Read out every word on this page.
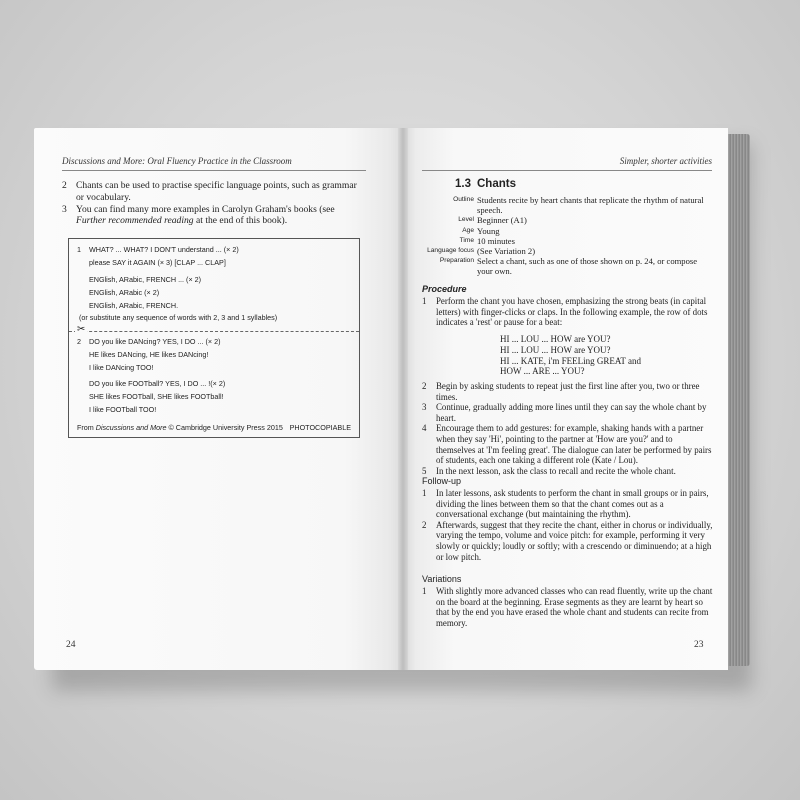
Discussions and More: Oral Fluency Practice in the Classroom
2 Chants can be used to practise specific language points, such as grammar or vocabulary.
3 You can find many more examples in Carolyn Graham's books (see Further recommended reading at the end of this book).
1 WHAT? ... WHAT? I DON'T understand ... (× 2)
please SAY it AGAIN (× 3) [CLAP ... CLAP]
ENGlish, ARabic, FRENCH ... (× 2)
ENGlish, ARabic (× 2)
ENGlish, ARabic, FRENCH.
(or substitute any sequence of words with 2, 3 and 1 syllables)
✂
2 DO you like DANcing? YES, I DO ... (× 2)
HE likes DANcing, HE likes DANcing!
I like DANcing TOO!
DO you like FOOTball? YES, I DO ... !(× 2)
SHE likes FOOTball, SHE likes FOOTball!
I like FOOTball TOO!
From Discussions and More © Cambridge University Press 2015 PHOTOCOPIABLE
24
Simpler, shorter activities
1.3 Chants
Outline Students recite by heart chants that replicate the rhythm of natural speech.
Level Beginner (A1)
Age Young
Time 10 minutes
Language focus (See Variation 2)
Preparation Select a chant, such as one of those shown on p. 24, or compose your own.
Procedure
1	Perform the chant you have chosen, emphasizing the strong beats (in capital letters) with finger-clicks or claps. In the following example, the row of dots indicates a 'rest' or pause for a beat:
HI ... LOU ... HOW are YOU?
HI ... LOU ... HOW are YOU?
HI ... KATE, i'm FEELing GREAT and
HOW ... ARE ... YOU?
2	Begin by asking students to repeat just the first line after you, two or three times.
3	Continue, gradually adding more lines until they can say the whole chant by heart.
4	Encourage them to add gestures: for example, shaking hands with a partner when they say 'Hi', pointing to the partner at 'How are you?' and to themselves at 'I'm feeling great'. The dialogue can later be performed by pairs of students, each one taking a different role (Kate / Lou).
5	In the next lesson, ask the class to recall and recite the whole chant.
Follow-up
1	In later lessons, ask students to perform the chant in small groups or in pairs, dividing the lines between them so that the chant comes out as a conversational exchange (but maintaining the rhythm).
2	Afterwards, suggest that they recite the chant, either in chorus or individually, varying the tempo, volume and voice pitch: for example, performing it very slowly or quickly; loudly or softly; with a crescendo or diminuendo; at a high or low pitch.
Variations
1	With slightly more advanced classes who can read fluently, write up the chant on the board at the beginning. Erase segments as they are learnt by heart so that by the end you have erased the whole chant and students can recite from memory.
23
